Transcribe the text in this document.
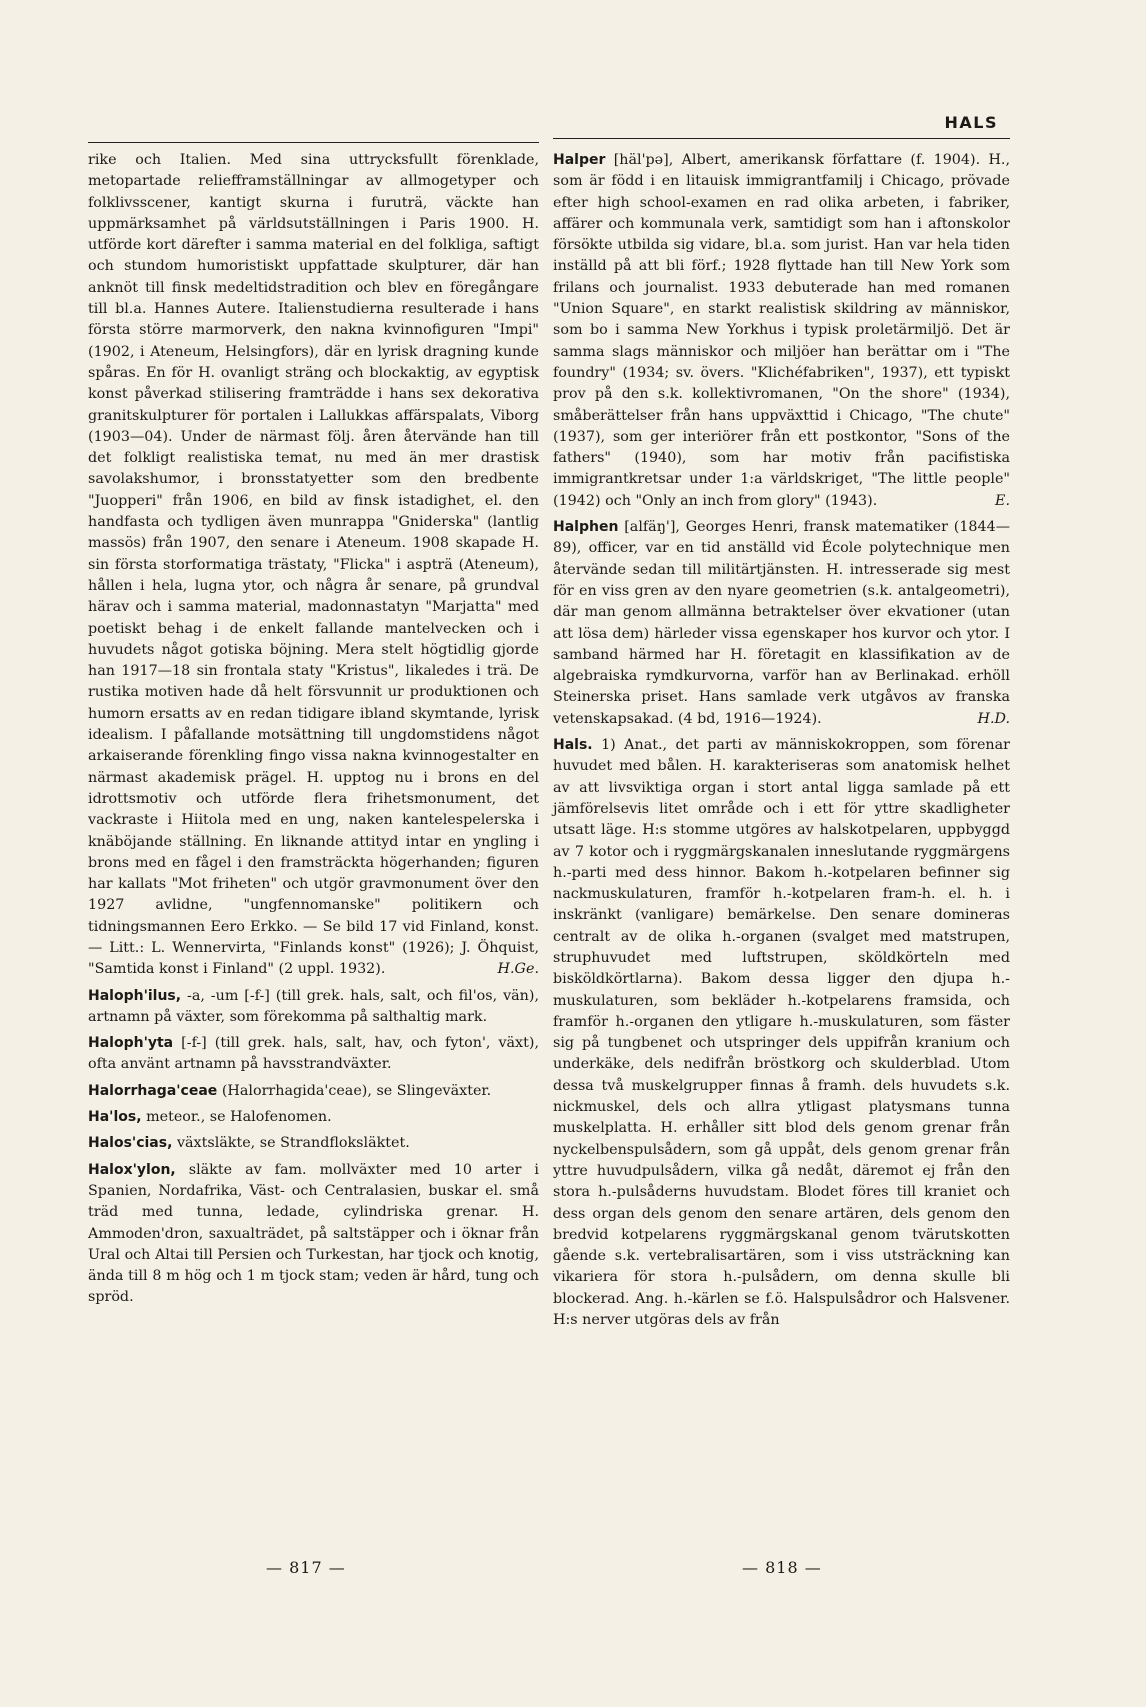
HALS

rike och Italien. Med sina uttrycksfullt förenklade, metopartade reliefframställningar av allmogetyper och folklivsscener, kantigt skurna i furuträ, väckte han uppmärksamhet på världsutställningen i Paris 1900. H. utförde kort därefter i samma material en del folkliga, saftigt och stundom humoristiskt uppfattade skulpturer, där han anknöt till finsk medeltidstradition och blev en föregångare till bl.a. Hannes Autere. Italienstudierna resulterade i hans första större marmorverk, den nakna kvinnofiguren "Impi" (1902, i Ateneum, Helsingfors), där en lyrisk dragning kunde spåras. En för H. ovanligt sträng och blockaktig, av egyptisk konst påverkad stilisering framträdde i hans sex dekorativa granitskulpturer för portalen i Lallukkas affärspalats, Viborg (1903—04). Under de närmast följ. åren återvände han till det folkligt realistiska temat, nu med än mer drastisk savolakshumor, i bronsstatyetter som den bredbente "Juopperi" från 1906, en bild av finsk istadighet, el. den handfasta och tydligen även munrappa "Gniderska" (lantlig massös) från 1907, den senare i Ateneum. 1908 skapade H. sin första storformatiga trästaty, "Flicka" i aspträ (Ateneum), hållen i hela, lugna ytor, och några år senare, på grundval härav och i samma material, madonnastatyn "Marjatta" med poetiskt behag i de enkelt fallande mantelvecken och i huvudets något gotiska böjning. Mera stelt högtidlig gjorde han 1917—18 sin frontala staty "Kristus", likaledes i trä. De rustika motiven hade då helt försvunnit ur produktionen och humorn ersatts av en redan tidigare ibland skymtande, lyrisk idealism. I påfallande motsättning till ungdomstidens något arkaiserande förenkling fingo vissa nakna kvinnogestalter en närmast akademisk prägel. H. upptog nu i brons en del idrottsmotiv och utförde flera frihetsmonument, det vackraste i Hiitola med en ung, naken kantelespelerska i knäböjande ställning. En liknande attityd intar en yngling i brons med en fågel i den framsträckta högerhanden; figuren har kallats "Mot friheten" och utgör gravmonument över den 1927 avlidne, "ungfennomanske" politikern och tidningsmannen Eero Erkko. — Se bild 17 vid Finland, konst. — Litt.: L. Wennervirta, "Finlands konst" (1926); J. Öhquist, "Samtida konst i Finland" (2 uppl. 1932).	H.Ge.

Haloph'ilus, -a, -um [-f-] (till grek. hals, salt, och fil'os, vän), artnamn på växter, som förekomma på salthaltig mark.

Haloph'yta [-f-] (till grek. hals, salt, hav, och fyton', växt), ofta använt artnamn på havsstrandväxter.

Halorrhaga'ceae (Halorrhagida'ceae), se Slingeväxter.

Ha'los, meteor., se Halofenomen.

Halos'cias, växtsläkte, se Strandfloksläktet.

Halox'ylon, släkte av fam. mollväxter med 10 arter i Spanien, Nordafrika, Väst- och Centralasien, buskar el. små träd med tunna, ledade, cylindriska grenar. H. Ammoden'dron, saxualträdet, på saltstäpper och i öknar från Ural och Altai till Persien och Turkestan, har tjock och knotig, ända till 8 m hög och 1 m tjock stam; veden är hård, tung och spröd.

Halper [häl'pə], Albert, amerikansk författare (f. 1904). H., som är född i en litauisk immigrantfamilj i Chicago, prövade efter high school-examen en rad olika arbeten, i fabriker, affärer och kommunala verk, samtidigt som han i aftonskolor försökte utbilda sig vidare, bl.a. som jurist. Han var hela tiden inställd på att bli förf.; 1928 flyttade han till New York som frilans och journalist. 1933 debuterade han med romanen "Union Square", en starkt realistisk skildring av människor, som bo i samma New Yorkhus i typisk proletärmiljö. Det är samma slags människor och miljöer han berättar om i "The foundry" (1934; sv. övers. "Klichéfabriken", 1937), ett typiskt prov på den s.k. kollektivromanen, "On the shore" (1934), småberättelser från hans uppväxttid i Chicago, "The chute" (1937), som ger interiörer från ett postkontor, "Sons of the fathers" (1940), som har motiv från pacifistiska immigrantkretsar under 1:a världskriget, "The little people" (1942) och "Only an inch from glory" (1943).	E.

Halphen [alfäŋ'], Georges Henri, fransk matematiker (1844—89), officer, var en tid anställd vid École polytechnique men återvände sedan till militärtjänsten. H. intresserade sig mest för en viss gren av den nyare geometrien (s.k. antalgeometri), där man genom allmänna betraktelser över ekvationer (utan att lösa dem) härleder vissa egenskaper hos kurvor och ytor. I samband härmed har H. företagit en klassifikation av de algebraiska rymdkurvorna, varför han av Berlinakad. erhöll Steinerska priset. Hans samlade verk utgåvos av franska vetenskapsakad. (4 bd, 1916—1924).	H.D.

Hals. 1) Anat., det parti av människokroppen, som förenar huvudet med bålen. H. karakteriseras som anatomisk helhet av att livsviktiga organ i stort antal ligga samlade på ett jämförelsevis litet område och i ett för yttre skadligheter utsatt läge. H:s stomme utgöres av halskotpelaren, uppbyggd av 7 kotor och i ryggmärgskanalen inneslutande ryggmärgens h.-parti med dess hinnor. Bakom h.-kotpelaren befinner sig nackmuskulaturen, framför h.-kotpelaren fram-h. el. h. i inskränkt (vanligare) bemärkelse. Den senare domineras centralt av de olika h.-organen (svalget med matstrupen, struphuvudet med luftstrupen, sköldkörteln med bisköldkörtlarna). Bakom dessa ligger den djupa h.-muskulaturen, som bekläder h.-kotpelarens framsida, och framför h.-organen den ytligare h.-muskulaturen, som fäster sig på tungbenet och utspringer dels uppifrån kranium och underkäke, dels nedifrån bröstkorg och skulderblad. Utom dessa två muskelgrupper finnas å framh. dels huvudets s.k. nickmuskel, dels och allra ytligast platysmans tunna muskelplatta. H. erhåller sitt blod dels genom grenar från nyckelbenspulsådern, som gå uppåt, dels genom grenar från yttre huvudpulsådern, vilka gå nedåt, däremot ej från den stora h.-pulsåderns huvudstam. Blodet föres till kraniet och dess organ dels genom den senare artären, dels genom den bredvid kotpelarens ryggmärgskanal genom tvärutskotten gående s.k. vertebralisartären, som i viss utsträckning kan vikariera för stora h.-pulsådern, om denna skulle bli blockerad. Ang. h.-kärlen se f.ö. Halspulsådror och Halsvener. H:s nerver utgöras dels av från

— 817 —	— 818 —
